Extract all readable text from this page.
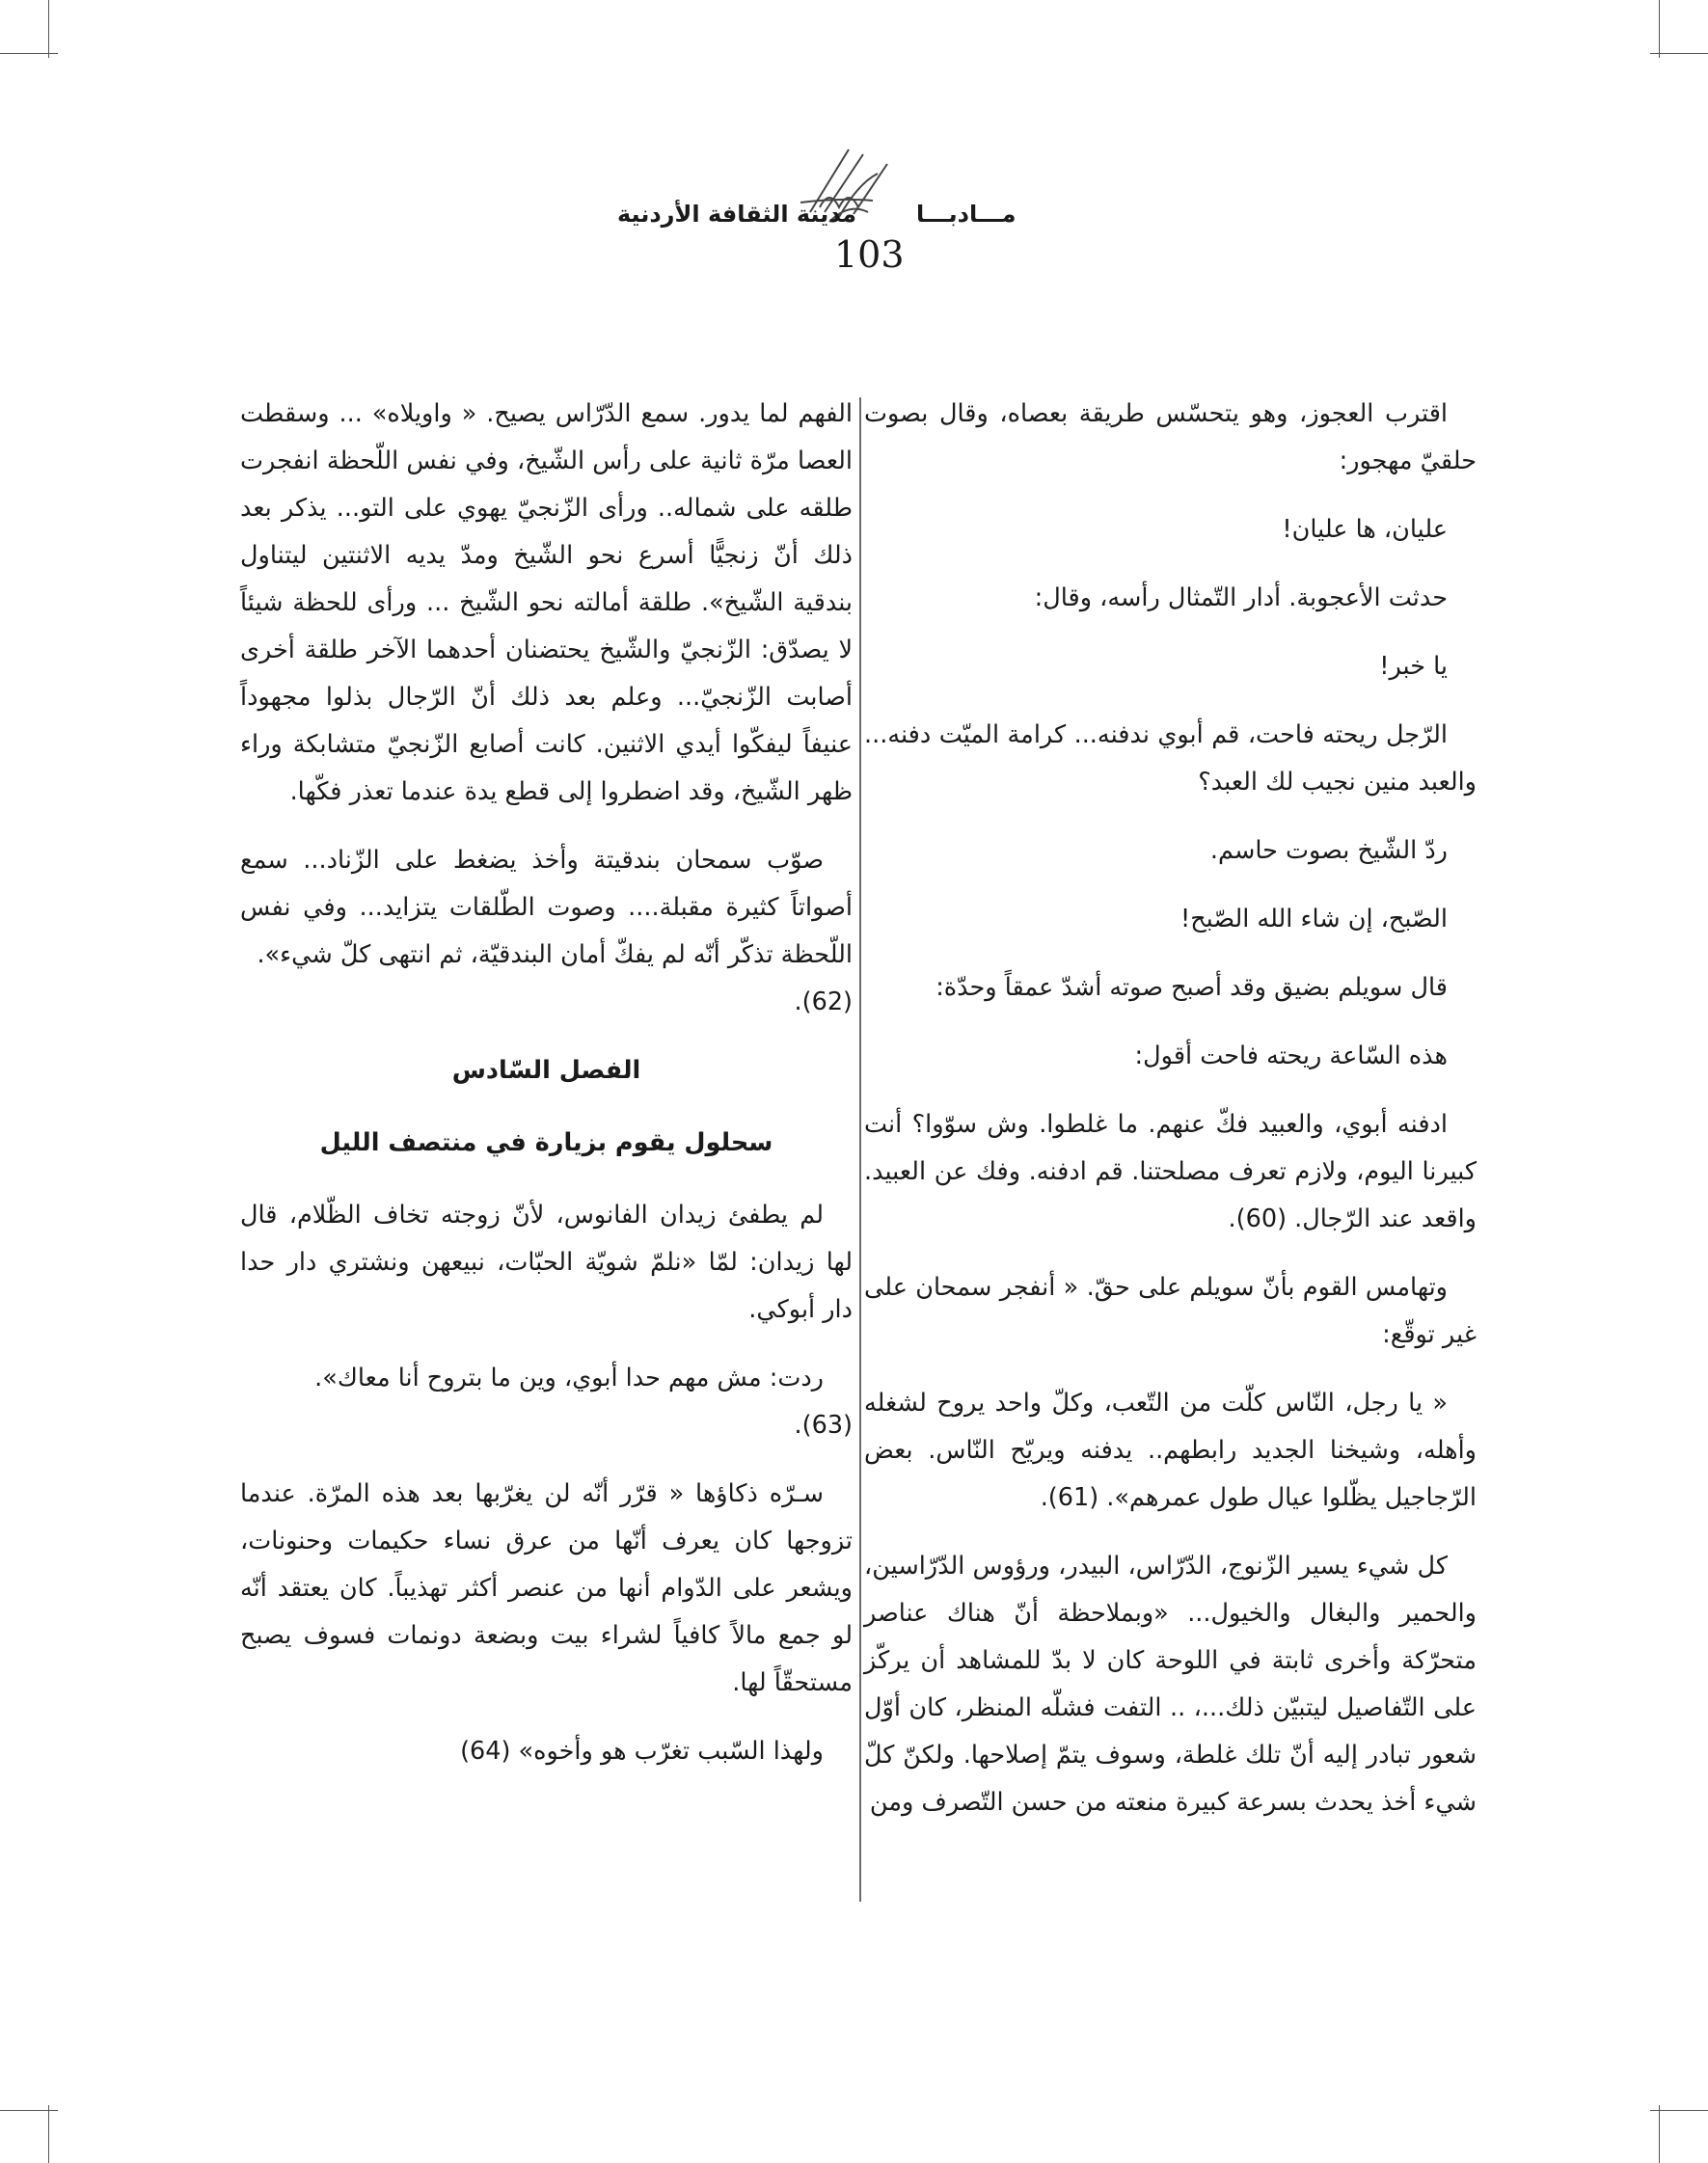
مدينة الثقافة الأردنية	مـــادبـــا
103

اقترب العجوز، وهو يتحسّس طريقة بعصاه، وقال بصوت حلقيّ مهجور:

عليان، ها عليان!

حدثت الأعجوبة. أدار التّمثال رأسه، وقال:

يا خبر!

الرّجل ريحته فاحت، قم أبوي ندفنه... كرامة الميّت دفنه... والعبد منين نجيب لك العبد؟

ردّ الشّيخ بصوت حاسم.

الصّبح، إن شاء الله الصّبح!

قال سويلم بضيق وقد أصبح صوته أشدّ عمقاً وحدّة:

هذه السّاعة ريحته فاحت أقول:

ادفنه أبوي، والعبيد فكّ عنهم. ما غلطوا. وش سوّوا؟ أنت كبيرنا اليوم، ولازم تعرف مصلحتنا. قم ادفنه. وفك عن العبيد. واقعد عند الرّجال. (60).

وتهامس القوم بأنّ سويلم على حقّ. « أنفجر سمحان على غير توقّع:

« يا رجل، النّاس كلّت من التّعب، وكلّ واحد يروح لشغله وأهله، وشيخنا الجديد رابطهم.. يدفنه ويريّح النّاس. بعض الرّجاجيل يظّلوا عيال طول عمرهم». (61).

كل شيء يسير الزّنوج، الدّرّاس، البيدر، ورؤوس الدّرّاسين، والحمير والبغال والخيول... «وبملاحظة أنّ هناك عناصر متحرّكة وأخرى ثابتة في اللوحة كان لا بدّ للمشاهد أن يركّز على التّفاصيل ليتبيّن ذلك...، .. التفت فشلّه المنظر، كان أوّل شعور تبادر إليه أنّ تلك غلطة، وسوف يتمّ إصلاحها. ولكنّ كلّ شيء أخذ يحدث بسرعة كبيرة منعته من حسن التّصرف ومن

الفهم لما يدور. سمع الدّرّاس يصيح. « واويلاه» ... وسقطت العصا مرّة ثانية على رأس الشّيخ، وفي نفس اللّحظة انفجرت طلقه على شماله.. ورأى الزّنجيّ يهوي على التو... يذكر بعد ذلك أنّ زنجيًّا أسرع نحو الشّيخ ومدّ يديه الاثنتين ليتناول بندقية الشّيخ». طلقة أمالته نحو الشّيخ ... ورأى للحظة شيئاً لا يصدّق: الزّنجيّ والشّيخ يحتضنان أحدهما الآخر طلقة أخرى أصابت الزّنجيّ... وعلم بعد ذلك أنّ الرّجال بذلوا مجهوداً عنيفاً ليفكّوا أيدي الاثنين. كانت أصابع الزّنجيّ متشابكة وراء ظهر الشّيخ، وقد اضطروا إلى قطع يدة عندما تعذر فكّها.

صوّب سمحان بندقيتة وأخذ يضغط على الزّناد... سمع أصواتاً كثيرة مقبلة.... وصوت الطّلقات يتزايد... وفي نفس اللّحظة تذكّر أنّه لم يفكّ أمان البندقيّة، ثم انتهى كلّ شيء».

(62).

الفصل السّادس

سحلول يقوم بزيارة في منتصف الليل

لم يطفئ زيدان الفانوس، لأنّ زوجته تخاف الظّلام، قال لها زيدان: لمّا «نلمّ شويّة الحبّات، نبيعهن ونشتري دار حدا دار أبوكي.

ردت: مش مهم حدا أبوي، وين ما بتروح أنا معاك».

(63).

سـرّه ذكاؤها « قرّر أنّه لن يغرّبها بعد هذه المرّة. عندما تزوجها كان يعرف أنّها من عرق نساء حكيمات وحنونات، ويشعر على الدّوام أنها من عنصر أكثر تهذيباً. كان يعتقد أنّه لو جمع مالاً كافياً لشراء بيت وبضعة دونمات فسوف يصبح مستحقّاً لها.

ولهذا السّبب تغرّب هو وأخوه» (64)
